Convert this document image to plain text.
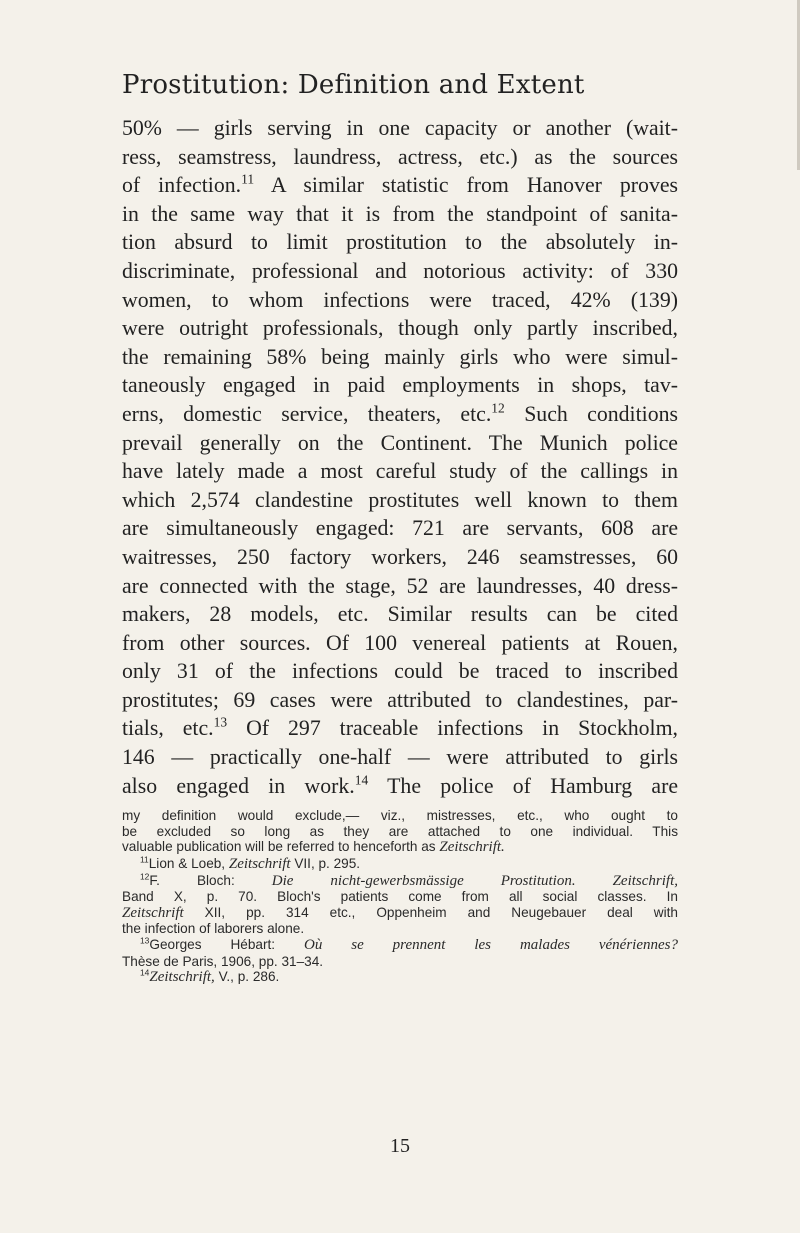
Prostitution: Definition and Extent
50% — girls serving in one capacity or another (wait-
ress, seamstress, laundress, actress, etc.) as the sources
of infection.$^{11}$ A similar statistic from Hanover proves
in the same way that it is from the standpoint of sanita-
tion absurd to limit prostitution to the absolutely in-
discriminate, professional and notorious activity: of 330
women, to whom infections were traced, 42% (139)
were outright professionals, though only partly inscribed,
the remaining 58% being mainly girls who were simul-
taneously engaged in paid employments in shops, tav-
erns, domestic service, theaters, etc.$^{12}$ Such conditions
prevail generally on the Continent. The Munich police
have lately made a most careful study of the callings in
which 2,574 clandestine prostitutes well known to them
are simultaneously engaged: 721 are servants, 608 are
waitresses, 250 factory workers, 246 seamstresses, 60
are connected with the stage, 52 are laundresses, 40 dress-
makers, 28 models, etc. Similar results can be cited
from other sources. Of 100 venereal patients at Rouen,
only 31 of the infections could be traced to inscribed
prostitutes; 69 cases were attributed to clandestines, par-
tials, etc.$^{13}$ Of 297 traceable infections in Stockholm,
146 — practically one-half — were attributed to girls
also engaged in work.$^{14}$ The police of Hamburg are
my definition would exclude,— viz., mistresses, etc., who ought to
be excluded so long as they are attached to one individual. This
valuable publication will be referred to henceforth as Zeitschrift.
$^{11}$Lion & Loeb, Zeitschrift VII, p. 295.
$^{12}$F. Bloch: Die nicht-gewerbsmässige Prostitution. Zeitschrift,
Band X, p. 70. Bloch's patients come from all social classes. In
Zeitschrift XII, pp. 314 etc., Oppenheim and Neugebauer deal with
the infection of laborers alone.
$^{13}$Georges Hébart: Où se prennent les malades vénériennes?
Thèse de Paris, 1906, pp. 31–34.
$^{14}$Zeitschrift, V., p. 286.
15
